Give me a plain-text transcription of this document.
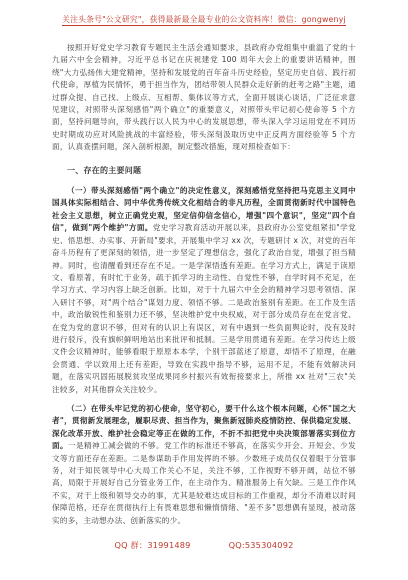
关注头条号"公文研究"，获得最新最全最专业的公文资料库！微信：gongwenyj

按照开好党史学习教育专题民主生活会通知要求，县政府办党组集中重温了党的十九届六中全会精神，习近平总书记在庆祝建党 100 周年大会上的重要讲话精神，围绕"大力弘扬伟大建党精神，坚持和发展党的百年奋斗历史经验，坚定历史自信、践行初代使命，厚植为民情怀，勇于担当作为，团结带领人民群众走好新的赶考之路"主题，通过群众提、自己找、上级点、互相帮、集体议等方式，全面开展谈心谈话，广泛征求意见建议，对照带头深刻感悟"两个确立"的重要意义，对照带头牢记初心使命等 5 个方面，坚持问题导向，带头践行以人民为中心的发展思想，带头深入学习运用党在不同历史时期成功应对风险挑战的丰富经验，带头深刻汲取历史中正反两方面经验等 5 个方面，认真查摆问题，深入剖析根源，制定整改措施，现对照检查如下：

一、存在的主要问题

（一）带头深刻感悟"两个确立"的决定性意义，深刻感悟党坚持把马克思主义同中国具体实际相结合、同中华优秀传统文化相结合的非凡历程，全面贯彻新时代中国特色社会主义思想，树立正确党史观，坚定信仰信念信心，增强"四个意识"，坚定"四个自信"，做到"两个维护"方面。党史学习教育活动开展以来，县政府办公室党组紧扣"学党史、悟思想、办实事、开新局"要求，开展集中学习 xx 次，专题研讨 x 次，对党的百年奋斗历程有了更深刻的领悟，进一步坚定了理想信念，强化了政治自觉，增强了担当精神。同时，也清醒看到还存在不足。一是学深悟透有差距。在学习方式上，满足于读原文、看原著，有时忙于业务，疏于抓学习的主动性、自觉性不够，自学时间不充足，在学习方式、学习内容上缺乏创新。比如，对于十九届六中全会的精神学习思考领悟、深入研讨不够，对"两个结合"谋划力度、领悟不够。二是政治鉴别有差距。在工作及生活中，政治敏锐性和鉴别力还不够，坚决维护党中央权威，对于部分成员存在在党言党、在党为党的意识不够，但对有的认识上有误区，对有中遇到一些负面舆论时，没有及时进行驳斥，没有旗帜鲜明地站出来批评和抵制。三是学用贯通有差距。在学习传达上级文件会议精神时，能够看眼于原原本本学，个别干部蓝述了原意，却悟不了原理，在融会贯通、学以致用上还有差距，导致在实践中指导不够，运用不足，不能有效解决问题，在落实巩固拓展脱贫攻坚成果同乡村振兴有效衔接要求上，所推 xx 社对"三农"关注较多，对其他群众关注较少。

（二）在带头牢记党的初心使命，坚守初心，要干什么这个根本问题，心怀"国之大者"，贯彻新发展理念，履职尽责、担当作为，聚焦新冠肺炎疫情防控、保供稳定发展、深化改革开放、维护社会稳定等正在做的工作，不折不扣把党中央决策部署落实到位方面。一是精神工减会做的不够。党工作的标准还不够高，在落实少开会、开短会、少发文等方面还存在差距。二是参谋助手作用发挥的不够。少数班子成员仅仅着眼于分管事务，对于知民领导中心大局工作关心不足，关注不够，工作视野不够开阔，站位不够高，局限于开展好自己分管业务工作，在主动作为、精准服务上有欠缺。三是工作作风不实，对于上级和领导交办的事，尤其是较难达成目标的工作重视，却分不清难以时间保障范格，还存在贯彻执行上有畏难思想和懒惰情绪、"差不多"思想偶有显现，被动落实的多，主动想办法、创新落实的少。

QQ 群：31991489	QQ:535304092
